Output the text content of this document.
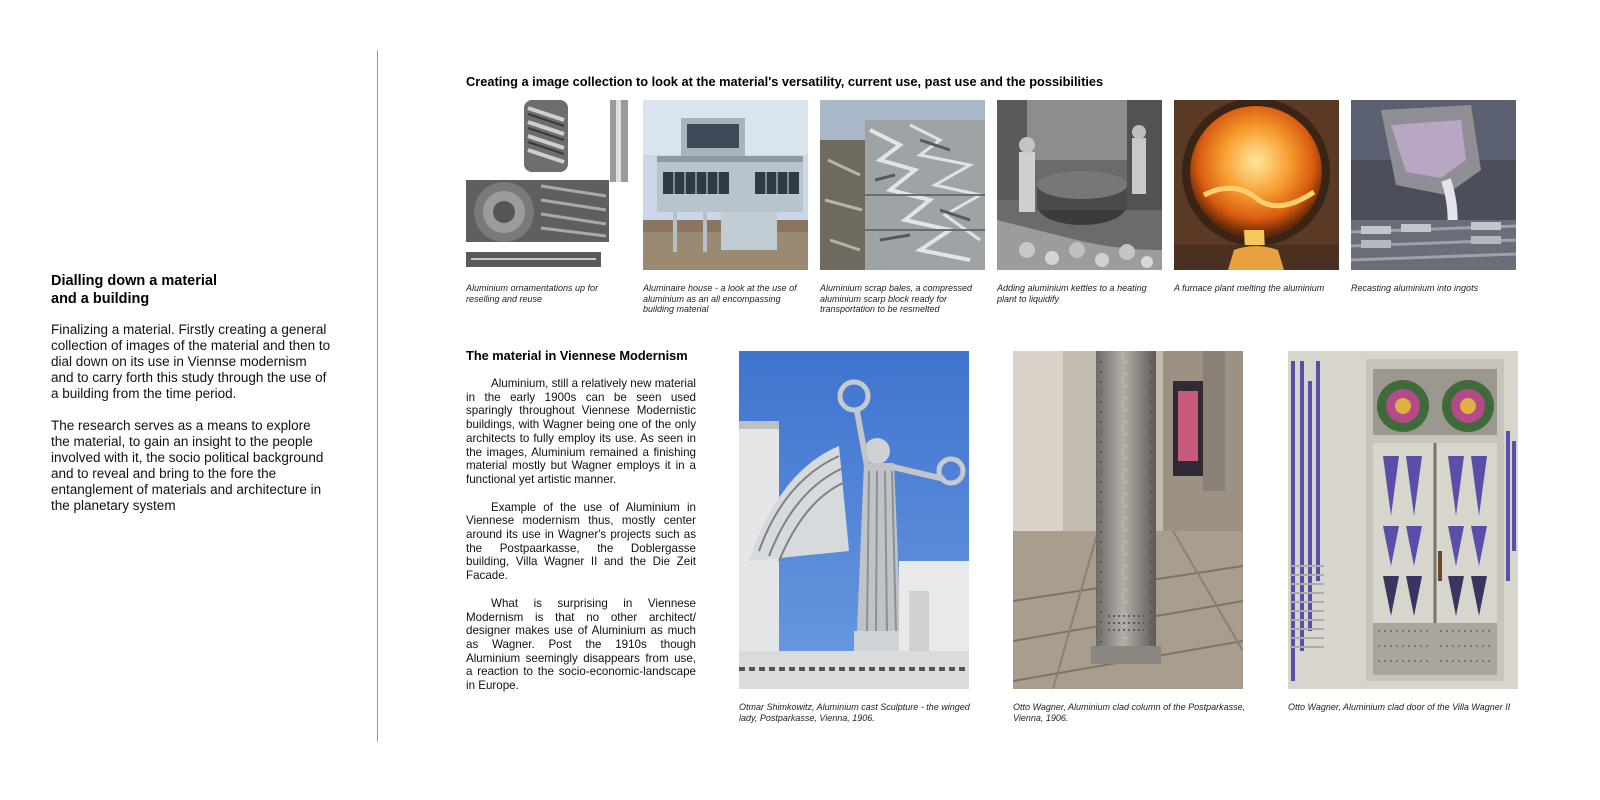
Dialling down a material
and a building

Finalizing a material. Firstly creating a general collection of images of the material and then to dial down on its use in Viennse modernism and to carry forth this study through the use of a building from the time period.

The research serves as a means to explore the material, to gain an insight to the people involved with it, the socio political background and to reveal and bring to the fore the entanglement of materials and architecture in the planetary system

Creating a image collection to look at the material's versatility, current use, past use and the possibilities
Aluminium ornamentations up for reselling and reuse
Aluminaire house - a look at the use of aluminium as an all encompassing building material
Aluminium scrap bales, a compressed aluminium scarp block ready for transportation to be resmelted
Adding aluminium kettles to a heating plant to liquidify
A furnace plant melting the aluminium	Recasting aluminium into ingots
The material in Viennese Modernism

Aluminium, still a relatively new material in the early 1900s can be seen used sparingly throughout Viennese Modernistic buildings, with Wagner being one of the only architects to fully employ its use. As seen in the images, Aluminium remained a finishing material mostly but Wagner employs it in a functional yet artistic manner.

Example of the use of Aluminium in Viennese modernism thus, mostly center around its use in Wagner's projects such as the Postpaarkasse, the Doblergasse building, Villa Wagner II and the Die Zeit Facade.

What is surprising in Viennese Modernism is that no other architect/ designer makes use of Aluminium as much as Wagner. Post the 1910s though Aluminium seemingly disappears from use, a reaction to the socio-economic-landscape in Europe.

Otmar Shimkowitz, Aluminium cast Sculpture - the winged lady, Postparkasse, Vienna, 1906.
Otto Wagner, Aluminium clad column of the Postparkasse, Vienna, 1906.
Otto Wagner, Aluminium clad door of the Villa Wagner II
